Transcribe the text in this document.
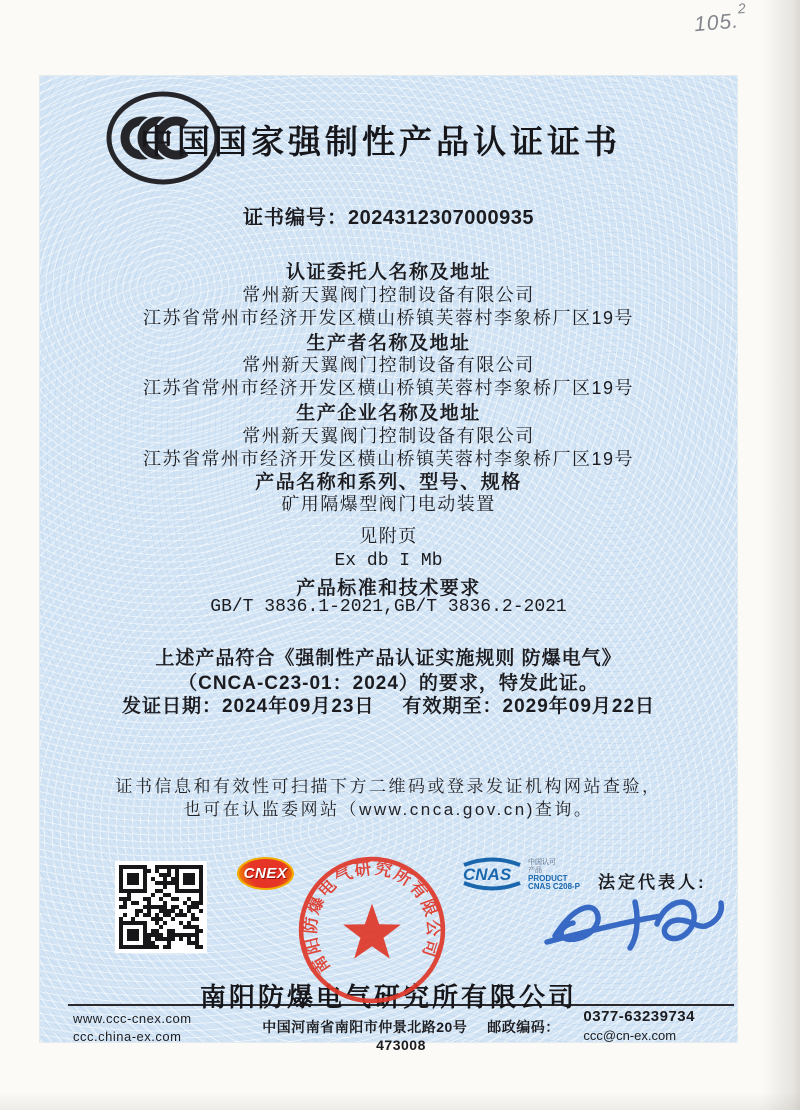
105.$^2$
中国国家强制性产品认证证书
证书编号：2024312307000935
认证委托人名称及地址
常州新天翼阀门控制设备有限公司
江苏省常州市经济开发区横山桥镇芙蓉村李象桥厂区19号
生产者名称及地址
常州新天翼阀门控制设备有限公司
江苏省常州市经济开发区横山桥镇芙蓉村李象桥厂区19号
生产企业名称及地址
常州新天翼阀门控制设备有限公司
江苏省常州市经济开发区横山桥镇芙蓉村李象桥厂区19号
产品名称和系列、型号、规格
矿用隔爆型阀门电动装置
见附页
Ex db I Mb
产品标准和技术要求
GB/T 3836.1-2021,GB/T 3836.2-2021
上述产品符合《强制性产品认证实施规则 防爆电气》
（CNCA-C23-01：2024）的要求，特发此证。
发证日期：2024年09月23日 有效期至：2029年09月22日
证书信息和有效性可扫描下方二维码或登录发证机构网站查验，
也可在认监委网站（www.cnca.gov.cn)查询。
CNEX
南阳防爆电气研究所有限公司
CNAS
中国认可
产品
PRODUCT
CNAS C208-P 法定代表人:
南阳防爆电气研究所有限公司
www.ccc-cnex.com
ccc.china-ex.com
中国河南省南阳市仲景北路20号 邮政编码：473008
0377-63239734
ccc@cn-ex.com
